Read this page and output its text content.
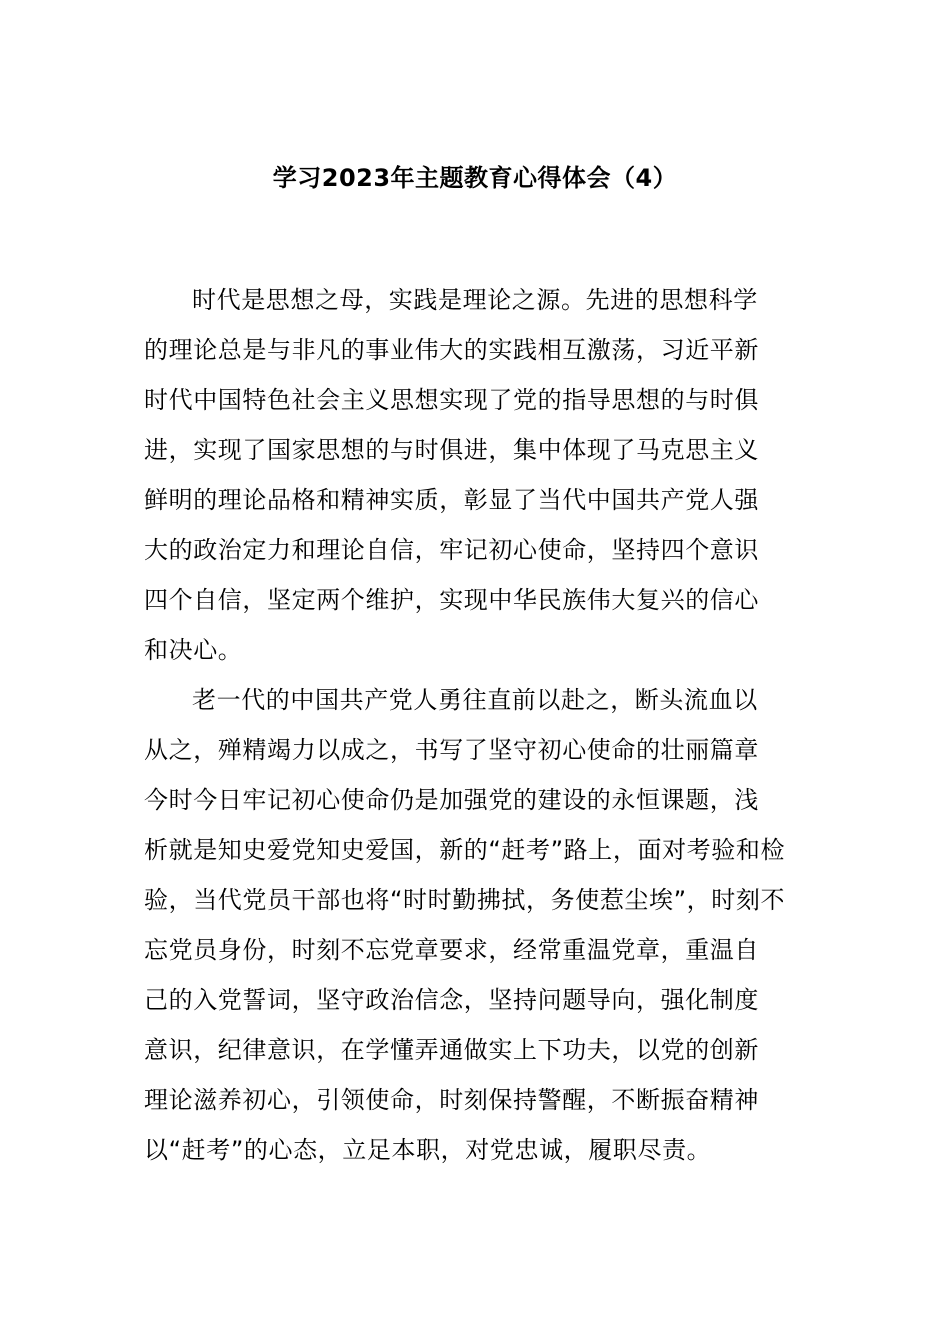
学习2023年主题教育心得体会（4）
时代是思想之母，实践是理论之源。先进的思想科学
的理论总是与非凡的事业伟大的实践相互激荡，习近平新
时代中国特色社会主义思想实现了党的指导思想的与时俱
进，实现了国家思想的与时俱进，集中体现了马克思主义
鲜明的理论品格和精神实质，彰显了当代中国共产党人强
大的政治定力和理论自信，牢记初心使命，坚持四个意识
四个自信，坚定两个维护，实现中华民族伟大复兴的信心
和决心。
老一代的中国共产党人勇往直前以赴之，断头流血以
从之，殚精竭力以成之，书写了坚守初心使命的壮丽篇章
今时今日牢记初心使命仍是加强党的建设的永恒课题，浅
析就是知史爱党知史爱国，新的“赶考”路上，面对考验和检
验，当代党员干部也将“时时勤拂拭，务使惹尘埃”，时刻不
忘党员身份，时刻不忘党章要求，经常重温党章，重温自
己的入党誓词，坚守政治信念，坚持问题导向，强化制度
意识，纪律意识，在学懂弄通做实上下功夫，以党的创新
理论滋养初心，引领使命，时刻保持警醒，不断振奋精神
以“赶考”的心态，立足本职，对党忠诚，履职尽责。
